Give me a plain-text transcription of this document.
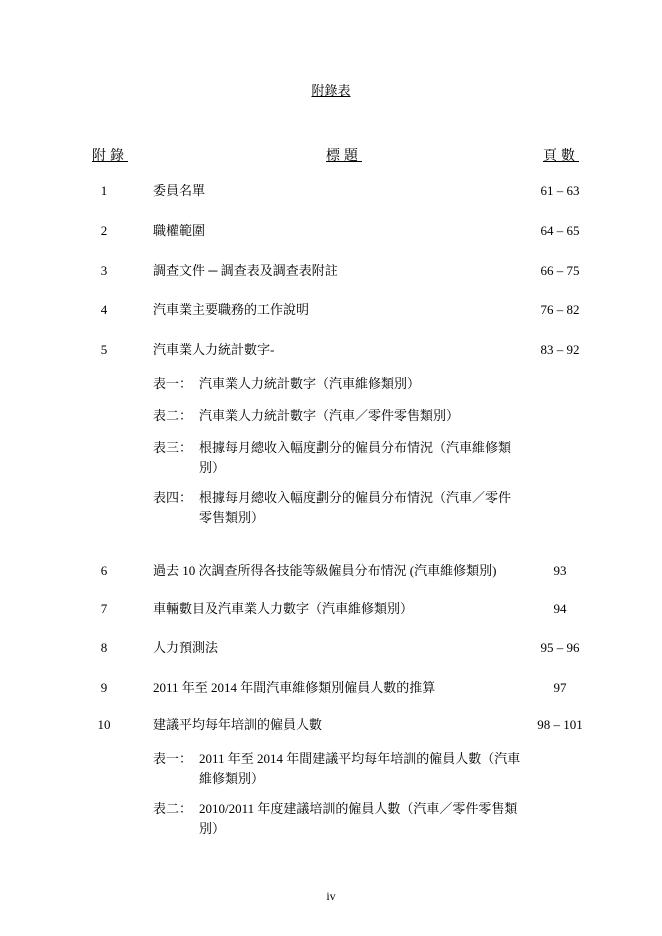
附錄表
附錄	標題	頁數
1	委員名單	61 – 63
2	職權範圍	64 – 65
3	調查文件 ─ 調查表及調查表附註	66 – 75
4	汽車業主要職務的工作說明	76 – 82
5	汽車業人力統計數字-	83 – 92
表一： 汽車業人力統計數字（汽車維修類別）
表二： 汽車業人力統計數字（汽車／零件零售類別）
表三： 根據每月總收入幅度劃分的僱員分布情況（汽車維修類別）
表四： 根據每月總收入幅度劃分的僱員分布情況（汽車／零件零售類別）
6	過去 10 次調查所得各技能等級僱員分布情況 (汽車維修類別)	93
7	車輛數目及汽車業人力數字（汽車維修類別）	94
8	人力預測法	95 – 96
9	2011 年至 2014 年間汽車維修類別僱員人數的推算	97
10	建議平均每年培訓的僱員人數	98 – 101
表一： 2011 年至 2014 年間建議平均每年培訓的僱員人數（汽車維修類別）
表二： 2010/2011 年度建議培訓的僱員人數（汽車／零件零售類別）
iv
